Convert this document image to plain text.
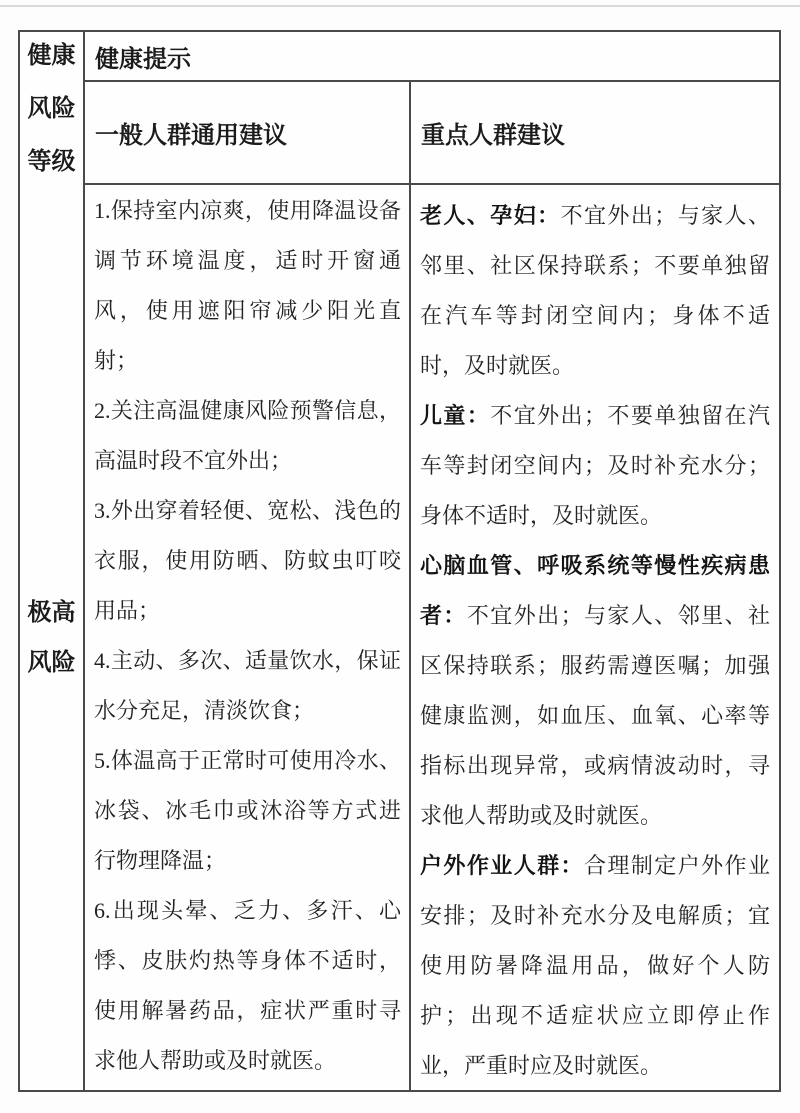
健康
风险
等级
健康提示
一般人群通用建议	重点人群建议
极高
风险

1.保持室内凉爽，使用降温设备调节环境温度，适时开窗通风，使用遮阳帘减少阳光直射；

2.关注高温健康风险预警信息，高温时段不宜外出；

3.外出穿着轻便、宽松、浅色的衣服，使用防晒、防蚊虫叮咬用品；

4.主动、多次、适量饮水，保证水分充足，清淡饮食；

5.体温高于正常时可使用冷水、冰袋、冰毛巾或沐浴等方式进行物理降温；

6.出现头晕、乏力、多汗、心悸、皮肤灼热等身体不适时，使用解暑药品，症状严重时寻求他人帮助或及时就医。

老人、孕妇：不宜外出；与家人、邻里、社区保持联系；不要单独留在汽车等封闭空间内；身体不适时，及时就医。

儿童：不宜外出；不要单独留在汽车等封闭空间内；及时补充水分；身体不适时，及时就医。

心脑血管、呼吸系统等慢性疾病患者：不宜外出；与家人、邻里、社区保持联系；服药需遵医嘱；加强健康监测，如血压、血氧、心率等指标出现异常，或病情波动时，寻求他人帮助或及时就医。

户外作业人群：合理制定户外作业安排；及时补充水分及电解质；宜使用防暑降温用品，做好个人防护；出现不适症状应立即停止作业，严重时应及时就医。
